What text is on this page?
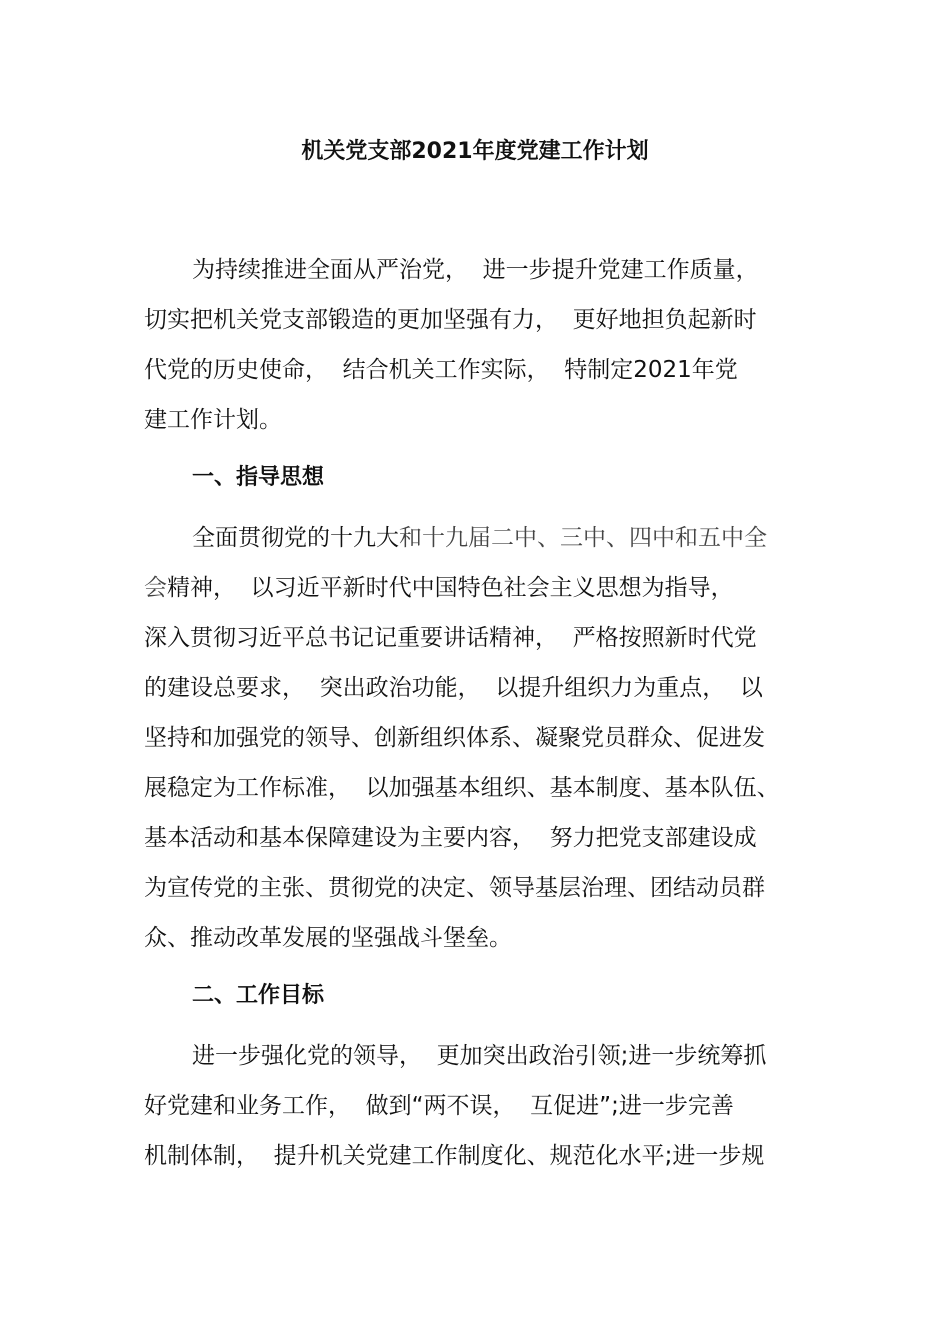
机关党支部2021年度党建工作计划
为持续推进全面从严治党，  进一步提升党建工作质量，
切实把机关党支部锻造的更加坚强有力，  更好地担负起新时
代党的历史使命，  结合机关工作实际，  特制定2021年党
建工作计划。
一、指导思想
全面贯彻党的十九大和十九届二中、三中、四中和五中全
会精神，  以习近平新时代中国特色社会主义思想为指导，
深入贯彻习近平总书记记重要讲话精神，  严格按照新时代党
的建设总要求，  突出政治功能，  以提升组织力为重点，  以
坚持和加强党的领导、创新组织体系、凝聚党员群众、促进发
展稳定为工作标准，  以加强基本组织、基本制度、基本队伍、
基本活动和基本保障建设为主要内容，  努力把党支部建设成
为宣传党的主张、贯彻党的决定、领导基层治理、团结动员群
众、推动改革发展的坚强战斗堡垒。
二、工作目标
进一步强化党的领导，  更加突出政治引领;进一步统筹抓
好党建和业务工作，  做到“两不误，  互促进”;进一步完善
机制体制，  提升机关党建工作制度化、规范化水平;进一步规
